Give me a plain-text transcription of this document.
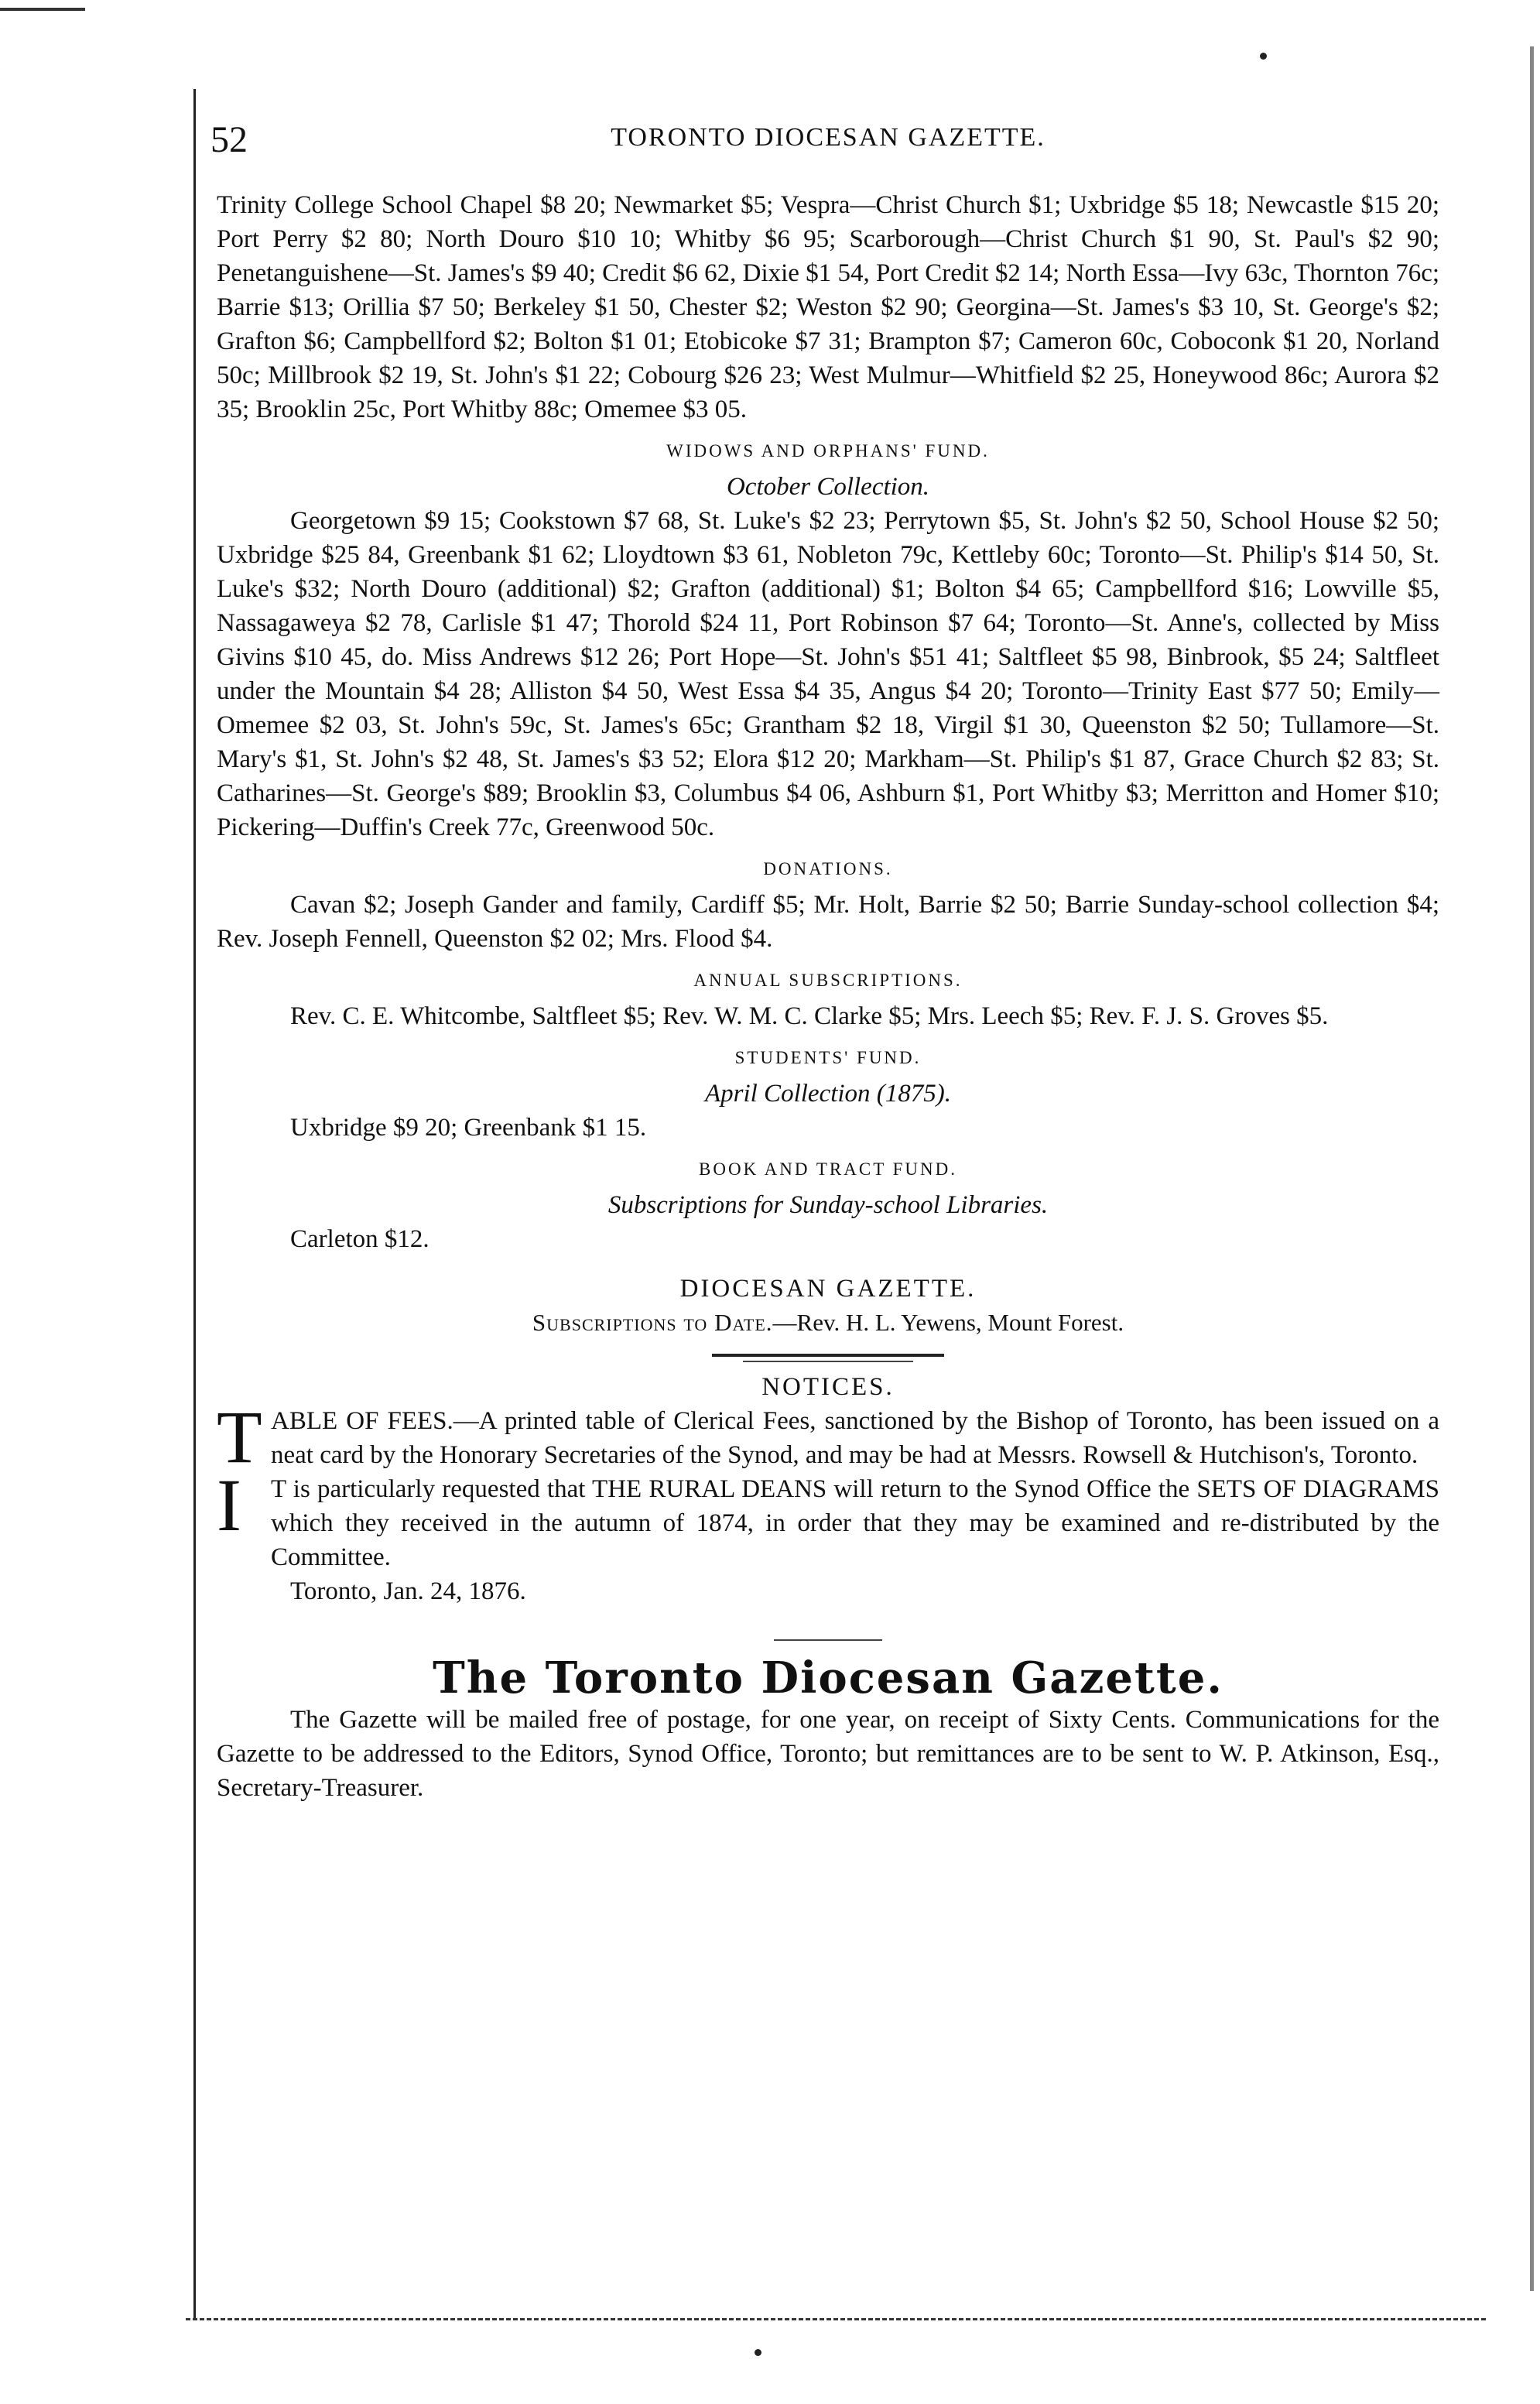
52	TORONTO DIOCESAN GAZETTE.

Trinity College School Chapel $8 20; Newmarket $5; Vespra—Christ Church $1; Uxbridge $5 18; Newcastle $15 20; Port Perry $2 80; North Douro $10 10; Whitby $6 95; Scarborough—Christ Church $1 90, St. Paul's $2 90; Penetanguishene—St. James's $9 40; Credit $6 62, Dixie $1 54, Port Credit $2 14; North Essa—Ivy 63c, Thornton 76c; Barrie $13; Orillia $7 50; Berkeley $1 50, Chester $2; Weston $2 90; Georgina—St. James's $3 10, St. George's $2; Grafton $6; Campbellford $2; Bolton $1 01; Etobicoke $7 31; Brampton $7; Cameron 60c, Coboconk $1 20, Norland 50c; Millbrook $2 19, St. John's $1 22; Cobourg $26 23; West Mulmur—Whitfield $2 25, Honeywood 86c; Aurora $2 35; Brooklin 25c, Port Whitby 88c; Omemee $3 05.

WIDOWS AND ORPHANS' FUND.
October Collection.

Georgetown $9 15; Cookstown $7 68, St. Luke's $2 23; Perrytown $5, St. John's $2 50, School House $2 50; Uxbridge $25 84, Greenbank $1 62; Lloydtown $3 61, Nobleton 79c, Kettleby 60c; Toronto—St. Philip's $14 50, St. Luke's $32; North Douro (additional) $2; Grafton (additional) $1; Bolton $4 65; Campbellford $16; Lowville $5, Nassagaweya $2 78, Carlisle $1 47; Thorold $24 11, Port Robinson $7 64; Toronto—St. Anne's, collected by Miss Givins $10 45, do. Miss Andrews $12 26; Port Hope—St. John's $51 41; Saltfleet $5 98, Binbrook, $5 24; Saltfleet under the Mountain $4 28; Alliston $4 50, West Essa $4 35, Angus $4 20; Toronto—Trinity East $77 50; Emily—Omemee $2 03, St. John's 59c, St. James's 65c; Grantham $2 18, Virgil $1 30, Queenston $2 50; Tullamore—St. Mary's $1, St. John's $2 48, St. James's $3 52; Elora $12 20; Markham—St. Philip's $1 87, Grace Church $2 83; St. Catharines—St. George's $89; Brooklin $3, Columbus $4 06, Ashburn $1, Port Whitby $3; Merritton and Homer $10; Pickering—Duffin's Creek 77c, Greenwood 50c.

DONATIONS.

Cavan $2; Joseph Gander and family, Cardiff $5; Mr. Holt, Barrie $2 50; Barrie Sunday-school collection $4; Rev. Joseph Fennell, Queenston $2 02; Mrs. Flood $4.

ANNUAL SUBSCRIPTIONS.

Rev. C. E. Whitcombe, Saltfleet $5; Rev. W. M. C. Clarke $5; Mrs. Leech $5; Rev. F. J. S. Groves $5.

STUDENTS' FUND.
April Collection (1875).

Uxbridge $9 20; Greenbank $1 15.

BOOK AND TRACT FUND.
Subscriptions for Sunday-school Libraries.

Carleton $12.

DIOCESAN GAZETTE.
Subscriptions to Date.—Rev. H. L. Yewens, Mount Forest.
NOTICES.
T ABLE OF FEES.—A printed table of Clerical Fees, sanctioned by the Bishop of Toronto, has been issued on a neat card by the Honorary Secretaries of the Synod, and may be had at Messrs. Rowsell & Hutchison's, Toronto.

I T is particularly requested that THE RURAL DEANS will return to the Synod Office the SETS OF DIAGRAMS which they received in the autumn of 1874, in order that they may be examined and re-distributed by the Committee.

Toronto, Jan. 24, 1876.

The Toronto Diocesan Gazette.

The Gazette will be mailed free of postage, for one year, on receipt of Sixty Cents. Communications for the Gazette to be addressed to the Editors, Synod Office, Toronto; but remittances are to be sent to W. P. Atkinson, Esq., Secretary-Treasurer.
